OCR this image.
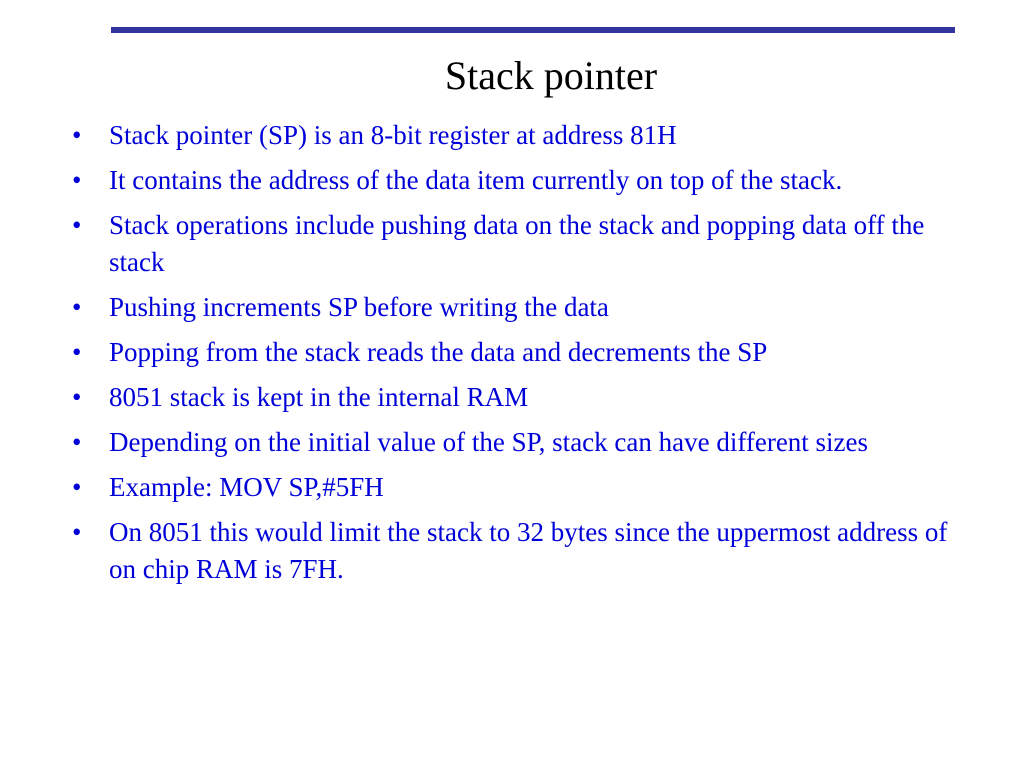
Stack pointer
•	Stack pointer (SP) is an 8-bit register at address 81H
•	It contains the address of the data item currently on top of the stack.
•	Stack operations include pushing data on the stack and popping data off the stack
•	Pushing increments SP before writing the data
•	Popping from the stack reads the data and decrements the SP
•	8051 stack is kept in the internal RAM
•	Depending on the initial value of the SP, stack can have different sizes
•	Example: MOV SP,#5FH
•	On 8051 this would limit the stack to 32 bytes since the uppermost address of on chip RAM is 7FH.
